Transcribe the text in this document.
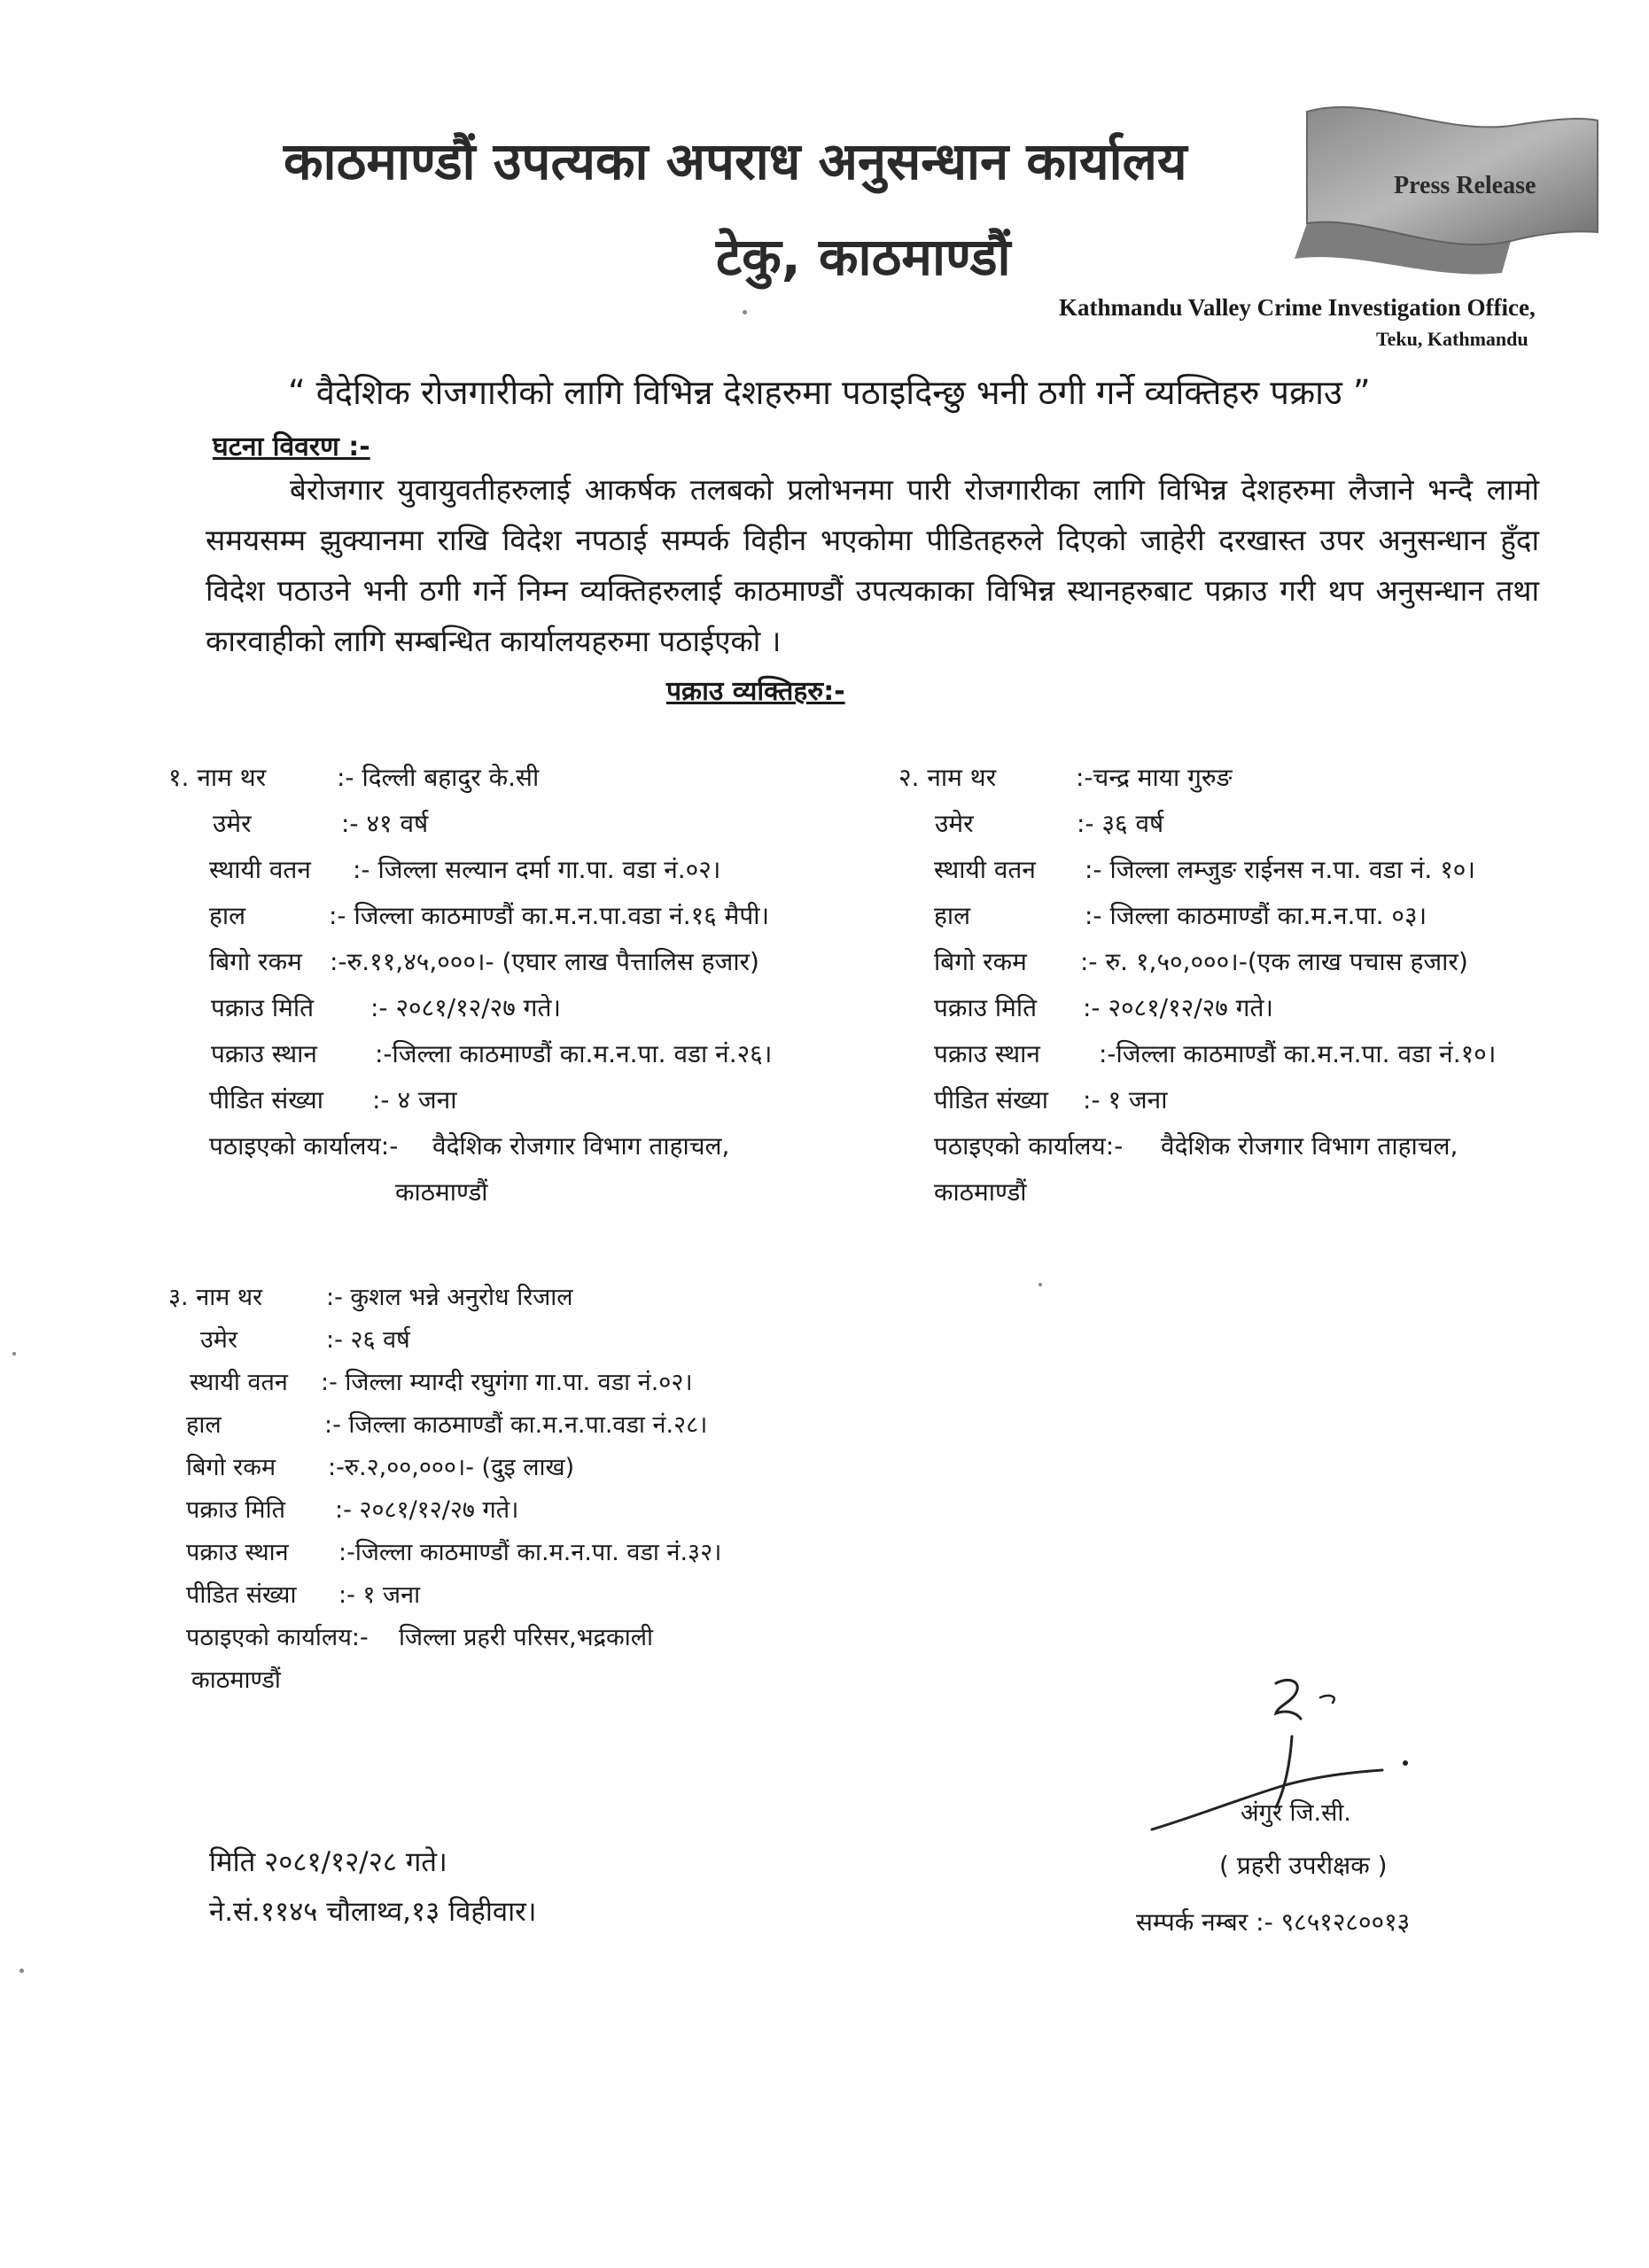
काठमाण्डौं उपत्यका अपराध अनुसन्धान कार्यालय
टेकु, काठमाण्डौं
Press Release
Kathmandu Valley Crime Investigation Office,
Teku, Kathmandu
“ वैदेशिक रोजगारीको लागि विभिन्न देशहरुमा पठाइदिन्छु भनी ठगी गर्ने व्यक्तिहरु पक्राउ ”
घटना विवरण :-
बेरोजगार युवायुवतीहरुलाई आकर्षक तलबको प्रलोभनमा पारी रोजगारीका लागि विभिन्न देशहरुमा लैजाने भन्दै लामो समयसम्म झुक्यानमा राखि विदेश नपठाई सम्पर्क विहीन भएकोमा पीडितहरुले दिएको जाहेरी दरखास्त उपर अनुसन्धान हुँदा विदेश पठाउने भनी ठगी गर्ने निम्न व्यक्तिहरुलाई काठमाण्डौं उपत्यकाका विभिन्न स्थानहरुबाट पक्राउ गरी थप अनुसन्धान तथा कारवाहीको लागि सम्बन्धित कार्यालयहरुमा पठाईएको ।
पक्राउ व्यक्तिहरु:-
१. नाम थर	:- दिल्ली बहादुर के.सी
उमेर	:- ४१ वर्ष
स्थायी वतन :- जिल्ला सल्यान दर्मा गा.पा. वडा नं.०२।
हाल	:- जिल्ला काठमाण्डौं का.म.न.पा.वडा नं.१६ मैपी।
बिगो रकम :-रु.११,४५,०००।- (एघार लाख पैत्तालिस हजार)
पक्राउ मिति :- २०८१/१२/२७ गते।
पक्राउ स्थान :-जिल्ला काठमाण्डौं का.म.न.पा. वडा नं.२६।
पीडित संख्या :- ४ जना
पठाइएको कार्यालय:- वैदेशिक रोजगार विभाग ताहाचल,
काठमाण्डौं
२. नाम थर	:-चन्द्र माया गुरुङ
उमेर	:- ३६ वर्ष
स्थायी वतन :- जिल्ला लम्जुङ राईनस न.पा. वडा नं. १०।
हाल	:- जिल्ला काठमाण्डौं का.म.न.पा. ०३।
बिगो रकम :- रु. १,५०,०००।-(एक लाख पचास हजार)
पक्राउ मिति :- २०८१/१२/२७ गते।
पक्राउ स्थान :-जिल्ला काठमाण्डौं का.म.न.पा. वडा नं.१०।
पीडित संख्या :- १ जना
पठाइएको कार्यालय:- वैदेशिक रोजगार विभाग ताहाचल,
काठमाण्डौं
३. नाम थर	:- कुशल भन्ने अनुरोध रिजाल
उमेर	:- २६ वर्ष
स्थायी वतन :- जिल्ला म्याग्दी रघुगंगा गा.पा. वडा नं.०२।
हाल	:- जिल्ला काठमाण्डौं का.म.न.पा.वडा नं.२८।
बिगो रकम :-रु.२,००,०००।- (दुइ लाख)
पक्राउ मिति :- २०८१/१२/२७ गते।
पक्राउ स्थान :-जिल्ला काठमाण्डौं का.म.न.पा. वडा नं.३२।
पीडित संख्या :- १ जना
पठाइएको कार्यालय:- जिल्ला प्रहरी परिसर,भद्रकाली
काठमाण्डौं
अंगुर जि.सी.
( प्रहरी उपरीक्षक )
सम्पर्क नम्बर :- ९८५१२८००१३
मिति २०८१/१२/२८ गते।
ने.सं.११४५ चौलाथ्व,१३ विहीवार।
